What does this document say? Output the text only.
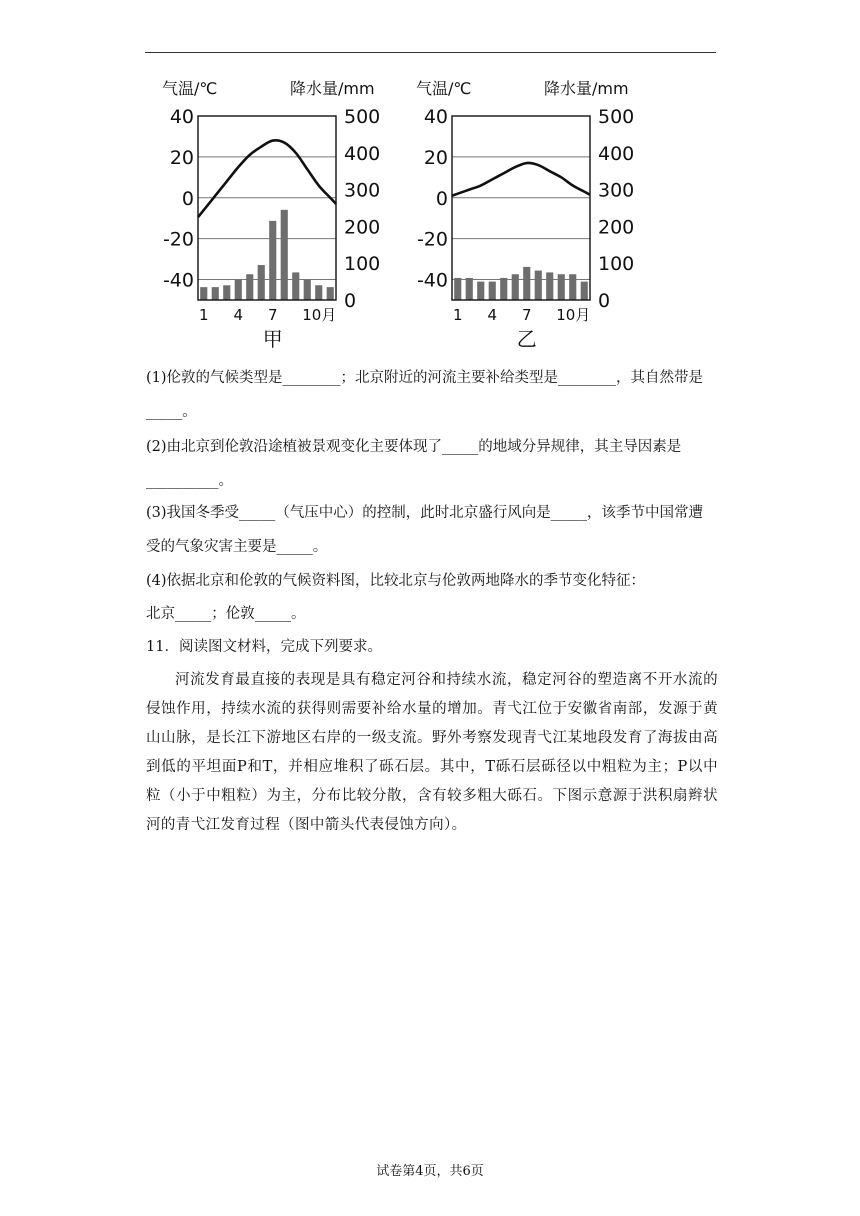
气温/℃	降水量/mm
40
20
0
-20
-40
500
400
300
200
100
0
1 4 7 10月
甲
气温/℃	降水量/mm
40
20
0
-20
-40
500
400
300
200
100
0
1 4 7 10月
乙
(1)伦敦的气候类型是________；北京附近的河流主要补给类型是________，其自然带是
_____。
(2)由北京到伦敦沿途植被景观变化主要体现了_____的地域分异规律，其主导因素是
__________。
(3)我国冬季受_____（气压中心）的控制，此时北京盛行风向是_____，该季节中国常遭
受的气象灾害主要是_____。
(4)依据北京和伦敦的气候资料图，比较北京与伦敦两地降水的季节变化特征：
北京_____；伦敦_____。
11．阅读图文材料，完成下列要求。
河流发育最直接的表现是具有稳定河谷和持续水流，稳定河谷的塑造离不开水流的侵蚀作用，持续水流的获得则需要补给水量的增加。青弋江位于安徽省南部，发源于黄山山脉，是长江下游地区右岸的一级支流。野外考察发现青弋江某地段发育了海拔由高到低的平坦面P和T，并相应堆积了砾石层。其中，T砾石层砾径以中粗粒为主；P以中粒（小于中粗粒）为主，分布比较分散，含有较多粗大砾石。下图示意源于洪积扇辫状河的青弋江发育过程（图中箭头代表侵蚀方向）。
试卷第4页，共6页
